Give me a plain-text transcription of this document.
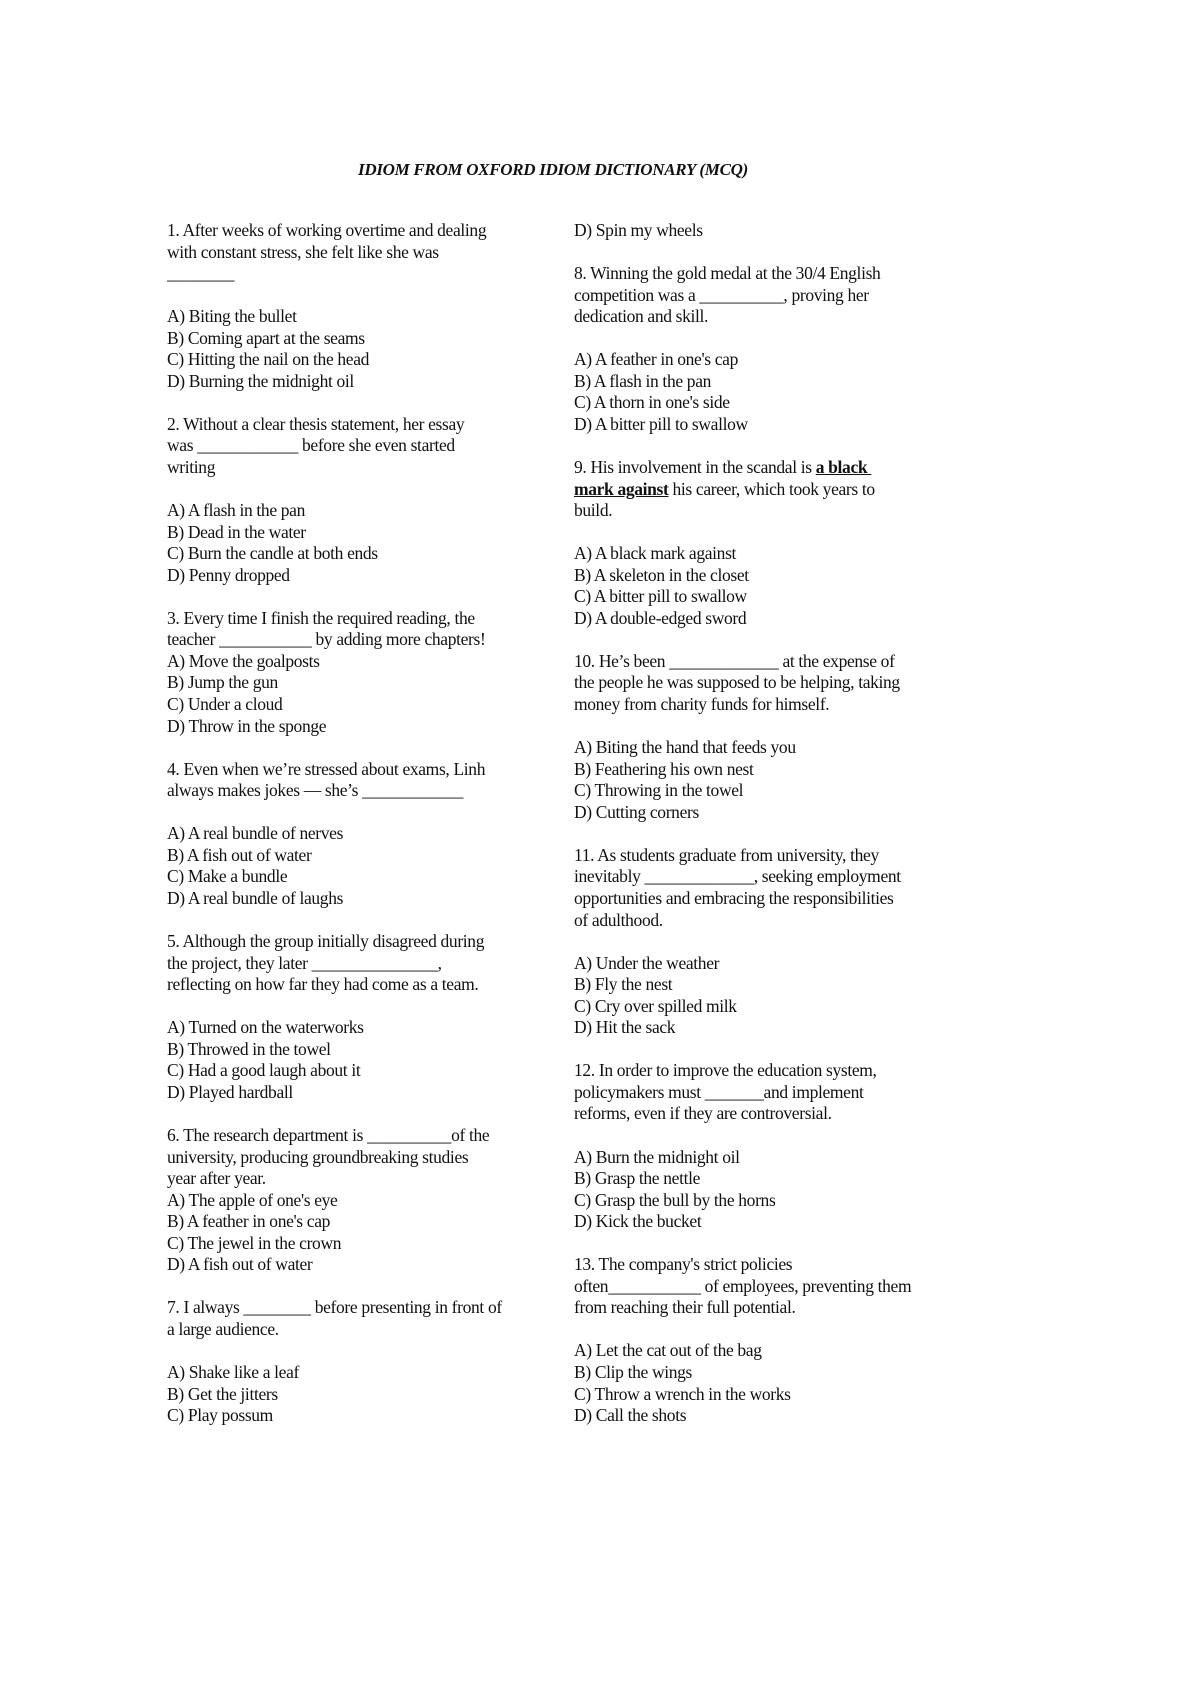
IDIOM FROM OXFORD IDIOM DICTIONARY (MCQ)
1. After weeks of working overtime and dealing
with constant stress, she felt like she was
________
A) Biting the bullet
B) Coming apart at the seams
C) Hitting the nail on the head
D) Burning the midnight oil
2. Without a clear thesis statement, her essay
was ____________ before she even started
writing
A) A flash in the pan
B) Dead in the water
C) Burn the candle at both ends
D) Penny dropped
3. Every time I finish the required reading, the
teacher ___________ by adding more chapters!
A) Move the goalposts
B) Jump the gun
C) Under a cloud
D) Throw in the sponge
4. Even when we’re stressed about exams, Linh
always makes jokes — she’s ____________
A) A real bundle of nerves
B) A fish out of water
C) Make a bundle
D) A real bundle of laughs
5. Although the group initially disagreed during
the project, they later _______________,
reflecting on how far they had come as a team.
A) Turned on the waterworks
B) Throwed in the towel
C) Had a good laugh about it
D) Played hardball
6. The research department is __________of the
university, producing groundbreaking studies
year after year.
A) The apple of one's eye
B) A feather in one's cap
C) The jewel in the crown
D) A fish out of water
7. I always ________ before presenting in front of
a large audience.
A) Shake like a leaf
B) Get the jitters
C) Play possum
D) Spin my wheels
8. Winning the gold medal at the 30/4 English
competition was a __________, proving her
dedication and skill.
A) A feather in one's cap
B) A flash in the pan
C) A thorn in one's side
D) A bitter pill to swallow
9. His involvement in the scandal is a black
mark against his career, which took years to
build.
A) A black mark against
B) A skeleton in the closet
C) A bitter pill to swallow
D) A double-edged sword
10. He’s been _____________ at the expense of
the people he was supposed to be helping, taking
money from charity funds for himself.
A) Biting the hand that feeds you
B) Feathering his own nest
C) Throwing in the towel
D) Cutting corners
11. As students graduate from university, they
inevitably _____________, seeking employment
opportunities and embracing the responsibilities
of adulthood.
A) Under the weather
B) Fly the nest
C) Cry over spilled milk
D) Hit the sack
12. In order to improve the education system,
policymakers must _______and implement
reforms, even if they are controversial.
A) Burn the midnight oil
B) Grasp the nettle
C) Grasp the bull by the horns
D) Kick the bucket
13. The company's strict policies
often___________ of employees, preventing them
from reaching their full potential.
A) Let the cat out of the bag
B) Clip the wings
C) Throw a wrench in the works
D) Call the shots
